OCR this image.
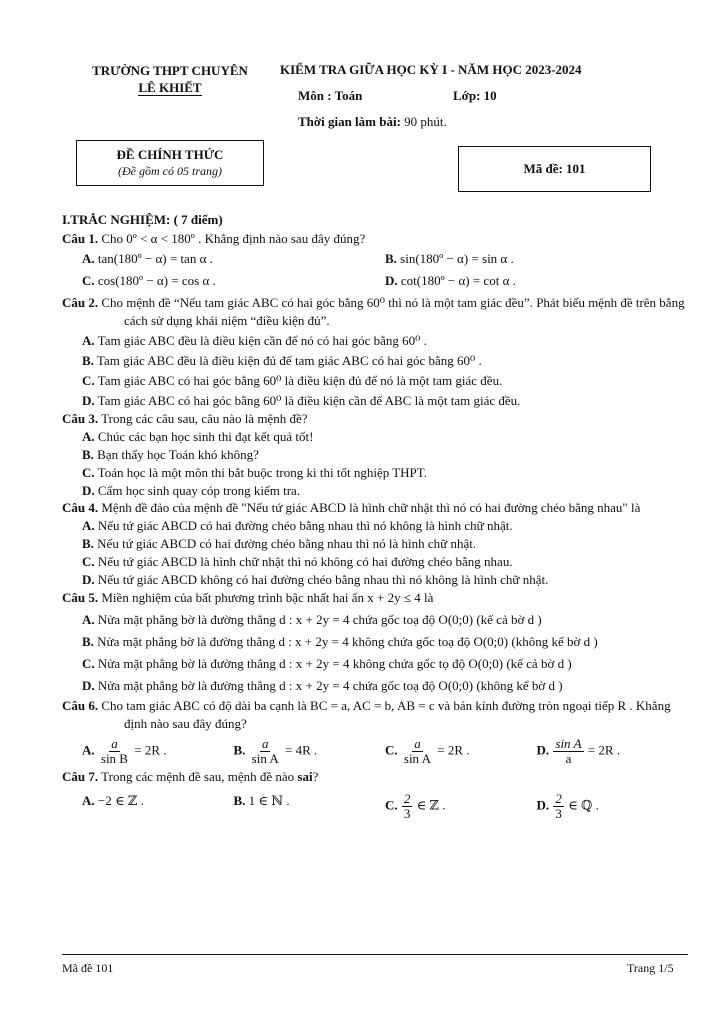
TRƯỜNG THPT CHUYÊN
LÊ KHIẾT
KIỂM TRA GIỮA HỌC KỲ I - NĂM HỌC 2023-2024
Môn : Toán	Lớp: 10
Thời gian làm bài: 90 phút.
ĐỀ CHÍNH THỨC
(Đề gồm có 05 trang)	Mã đề: 101
I.TRẮC NGHIỆM: ( 7 điểm)
Câu 1. Cho 0º < α < 180º . Khẳng định nào sau đây đúng?
A. tan(180º − α) = tan α .	B. sin(180º − α) = sin α .
C. cos(180º − α) = cos α .	D. cot(180º − α) = cot α .
Câu 2. Cho mệnh đề “Nếu tam giác ABC có hai góc bằng 60⁰ thì nó là một tam giác đều”. Phát biểu mệnh đề trên bằng cách sử dụng khái niệm “điều kiện đủ”.
A. Tam giác ABC đều là điều kiện cần để nó có hai góc bằng 60⁰ .
B. Tam giác ABC đều là điều kiện đủ để tam giác ABC có hai góc bằng 60⁰ .
C. Tam giác ABC có hai góc bằng 60⁰ là điều kiện đủ để nó là một tam giác đều.
D. Tam giác ABC có hai góc bằng 60⁰ là điều kiện cần để ABC là một tam giác đều.
Câu 3. Trong các câu sau, câu nào là mệnh đề?
A. Chúc các bạn học sinh thi đạt kết quả tốt!
B. Bạn thấy học Toán khó không?
C. Toán học là một môn thi bắt buộc trong kì thi tốt nghiệp THPT.
D. Cấm học sinh quay cóp trong kiểm tra.
Câu 4. Mệnh đề đảo của mệnh đề "Nếu tứ giác ABCD là hình chữ nhật thì nó có hai đường chéo bằng nhau" là
A. Nếu tứ giác ABCD có hai đường chéo bằng nhau thì nó không là hình chữ nhật.
B. Nếu tứ giác ABCD có hai đường chéo bằng nhau thì nó là hình chữ nhật.
C. Nếu tứ giác ABCD là hình chữ nhật thì nó không có hai đường chéo bằng nhau.
D. Nếu tứ giác ABCD không có hai đường chéo bằng nhau thì nó không là hình chữ nhật.
Câu 5. Miền nghiệm của bất phương trình bậc nhất hai ẩn x + 2y ≤ 4 là
A. Nửa mặt phẳng bờ là đường thẳng d : x + 2y = 4 chứa gốc toạ độ O(0;0) (kể cả bờ d )
B. Nửa mặt phẳng bờ là đường thẳng d : x + 2y = 4 không chứa gốc toạ độ O(0;0) (không kể bờ d )
C. Nửa mặt phẳng bờ là đường thẳng d : x + 2y = 4 không chứa gốc tọ độ O(0;0) (kể cả bờ d )
D. Nửa mặt phẳng bờ là đường thẳng d : x + 2y = 4 chứa gốc toạ độ O(0;0) (không kể bờ d )
Câu 6. Cho tam giác ABC có độ dài ba cạnh là BC = a, AC = b, AB = c và bán kính đường tròn ngoại tiếp R . Khẳng định nào sau đây đúng?
A. $\frac{a}{\text{sin B}} = 2R$ .	B. $\frac{a}{\text{sin A}} = 4R$ .	C. $\frac{a}{\text{sin A}} = 2R$ .	D. $\frac{\text{sin A}}{a} = 2R$ .
Câu 7. Trong các mệnh đề sau, mệnh đề nào sai?
A. −2 ∈ ℤ .	B. 1 ∈ ℕ .	C. $\frac{2}{3}$ ∈ ℤ .	D. $\frac{2}{3}$ ∈ ℚ .
Mã đề 101	Trang 1/5
